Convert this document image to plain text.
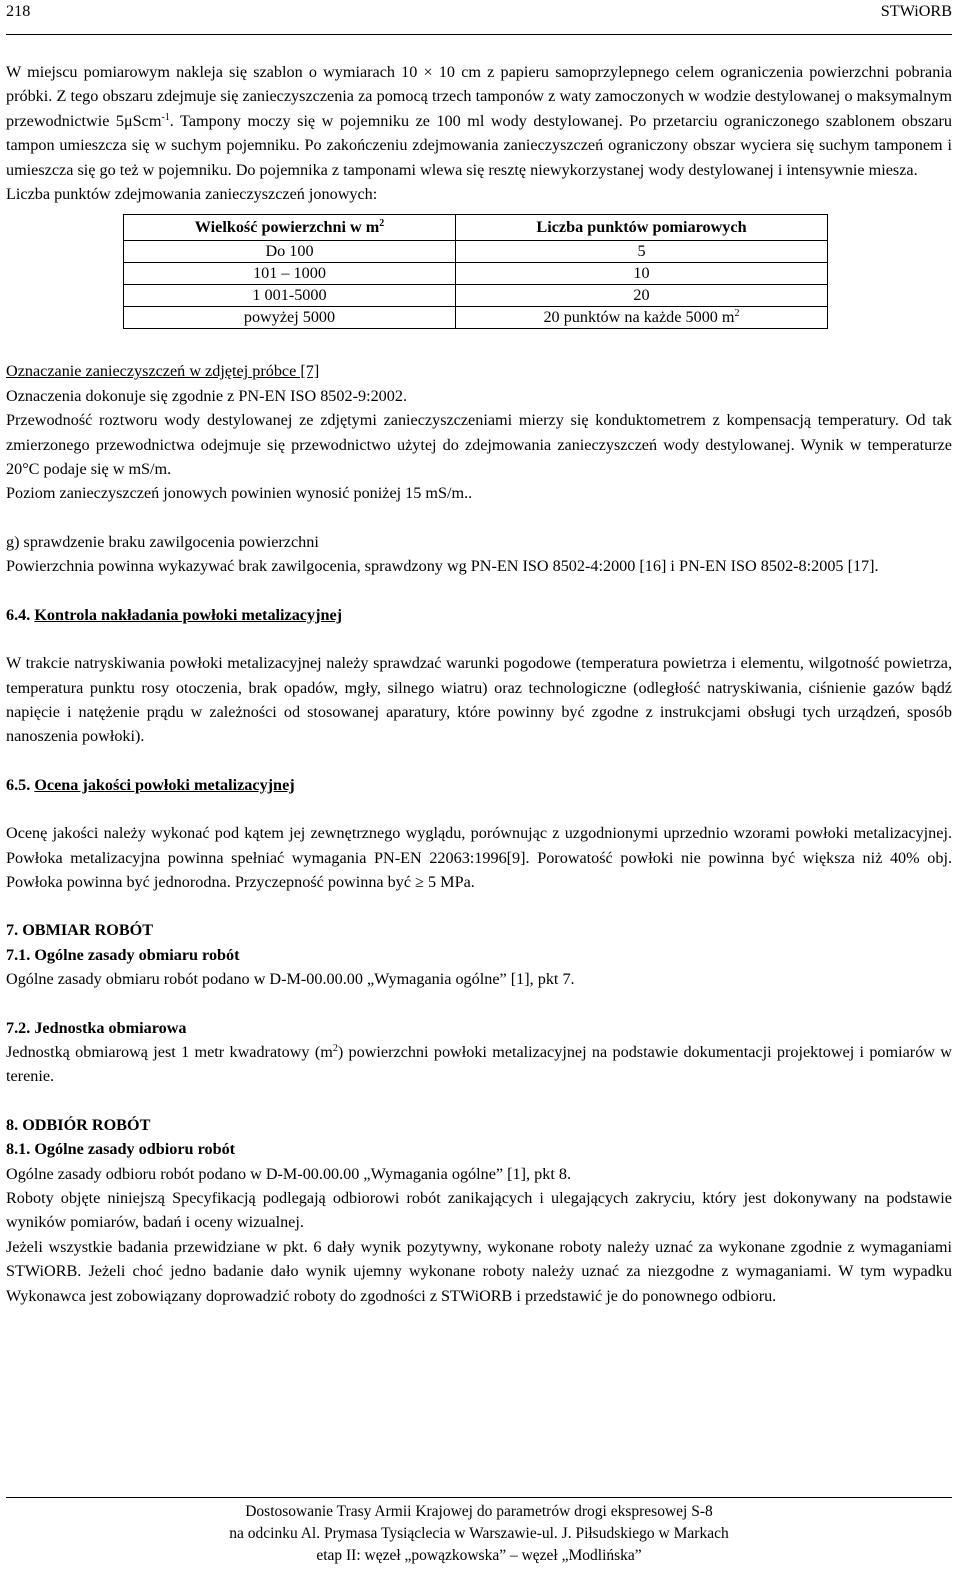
218	STWiORB

W miejscu pomiarowym nakleja się szablon o wymiarach 10 × 10 cm z papieru samoprzylepnego celem ograniczenia powierzchni pobrania próbki. Z tego obszaru zdejmuje się zanieczyszczenia za pomocą trzech tamponów z waty zamoczonych w wodzie destylowanej o maksymalnym przewodnictwie 5μScm$^{-1}$. Tampony moczy się w pojemniku ze 100 ml wody destylowanej. Po przetarciu ograniczonego szablonem obszaru tampon umieszcza się w suchym pojemniku. Po zakończeniu zdejmowania zanieczyszczeń ograniczony obszar wyciera się suchym tamponem i umieszcza się go też w pojemniku. Do pojemnika z tamponami wlewa się resztę niewykorzystanej wody destylowanej i intensywnie miesza.

Liczba punktów zdejmowania zanieczyszczeń jonowych:

Wielkość powierzchni w $m^2$	Liczba punktów pomiarowych
Do 100	5
101 – 1000	10
1 001-5000	20
powyżej 5000	20 punktów na każde 5000 $m^2$

Oznaczanie zanieczyszczeń w zdjętej próbce [7]

Oznaczenia dokonuje się zgodnie z PN-EN ISO 8502-9:2002.

Przewodność roztworu wody destylowanej ze zdjętymi zanieczyszczeniami mierzy się konduktometrem z kompensacją temperatury. Od tak zmierzonego przewodnictwa odejmuje się przewodnictwo użytej do zdejmowania zanieczyszczeń wody destylowanej. Wynik w temperaturze 20°C podaje się w mS/m.

Poziom zanieczyszczeń jonowych powinien wynosić poniżej 15 mS/m..

g) sprawdzenie braku zawilgocenia powierzchni

Powierzchnia powinna wykazywać brak zawilgocenia, sprawdzony wg PN-EN ISO 8502-4:2000 [16] i PN-EN ISO 8502-8:2005 [17].

6.4. Kontrola nakładania powłoki metalizacyjnej

W trakcie natryskiwania powłoki metalizacyjnej należy sprawdzać warunki pogodowe (temperatura powietrza i elementu, wilgotność powietrza, temperatura punktu rosy otoczenia, brak opadów, mgły, silnego wiatru) oraz technologiczne (odległość natryskiwania, ciśnienie gazów bądź napięcie i natężenie prądu w zależności od stosowanej aparatury, które powinny być zgodne z instrukcjami obsługi tych urządzeń, sposób nanoszenia powłoki).

6.5. Ocena jakości powłoki metalizacyjnej

Ocenę jakości należy wykonać pod kątem jej zewnętrznego wyglądu, porównując z uzgodnionymi uprzednio wzorami powłoki metalizacyjnej. Powłoka metalizacyjna powinna spełniać wymagania PN-EN 22063:1996[9]. Porowatość powłoki nie powinna być większa niż 40% obj. Powłoka powinna być jednorodna. Przyczepność powinna być ≥ 5 MPa.

7. OBMIAR ROBÓT

7.1. Ogólne zasady obmiaru robót

Ogólne zasady obmiaru robót podano w D-M-00.00.00 „Wymagania ogólne” [1], pkt 7.

7.2. Jednostka obmiarowa

Jednostką obmiarową jest 1 metr kwadratowy $(m^2)$ powierzchni powłoki metalizacyjnej na podstawie dokumentacji projektowej i pomiarów w terenie.

8. ODBIÓR ROBÓT

8.1. Ogólne zasady odbioru robót

Ogólne zasady odbioru robót podano w D-M-00.00.00 „Wymagania ogólne” [1], pkt 8.

Roboty objęte niniejszą Specyfikacją podlegają odbiorowi robót zanikających i ulegających zakryciu, który jest dokonywany na podstawie wyników pomiarów, badań i oceny wizualnej.

Jeżeli wszystkie badania przewidziane w pkt. 6 dały wynik pozytywny, wykonane roboty należy uznać za wykonane zgodnie z wymaganiami STWiORB. Jeżeli choć jedno badanie dało wynik ujemny wykonane roboty należy uznać za niezgodne z wymaganiami. W tym wypadku Wykonawca jest zobowiązany doprowadzić roboty do zgodności z STWiORB i przedstawić je do ponownego odbioru.

Dostosowanie Trasy Armii Krajowej do parametrów drogi ekspresowej S-8
na odcinku Al. Prymasa Tysiąclecia w Warszawie-ul. J. Piłsudskiego w Markach
etap II: węzeł „powązkowska” – węzeł „Modlińska”
